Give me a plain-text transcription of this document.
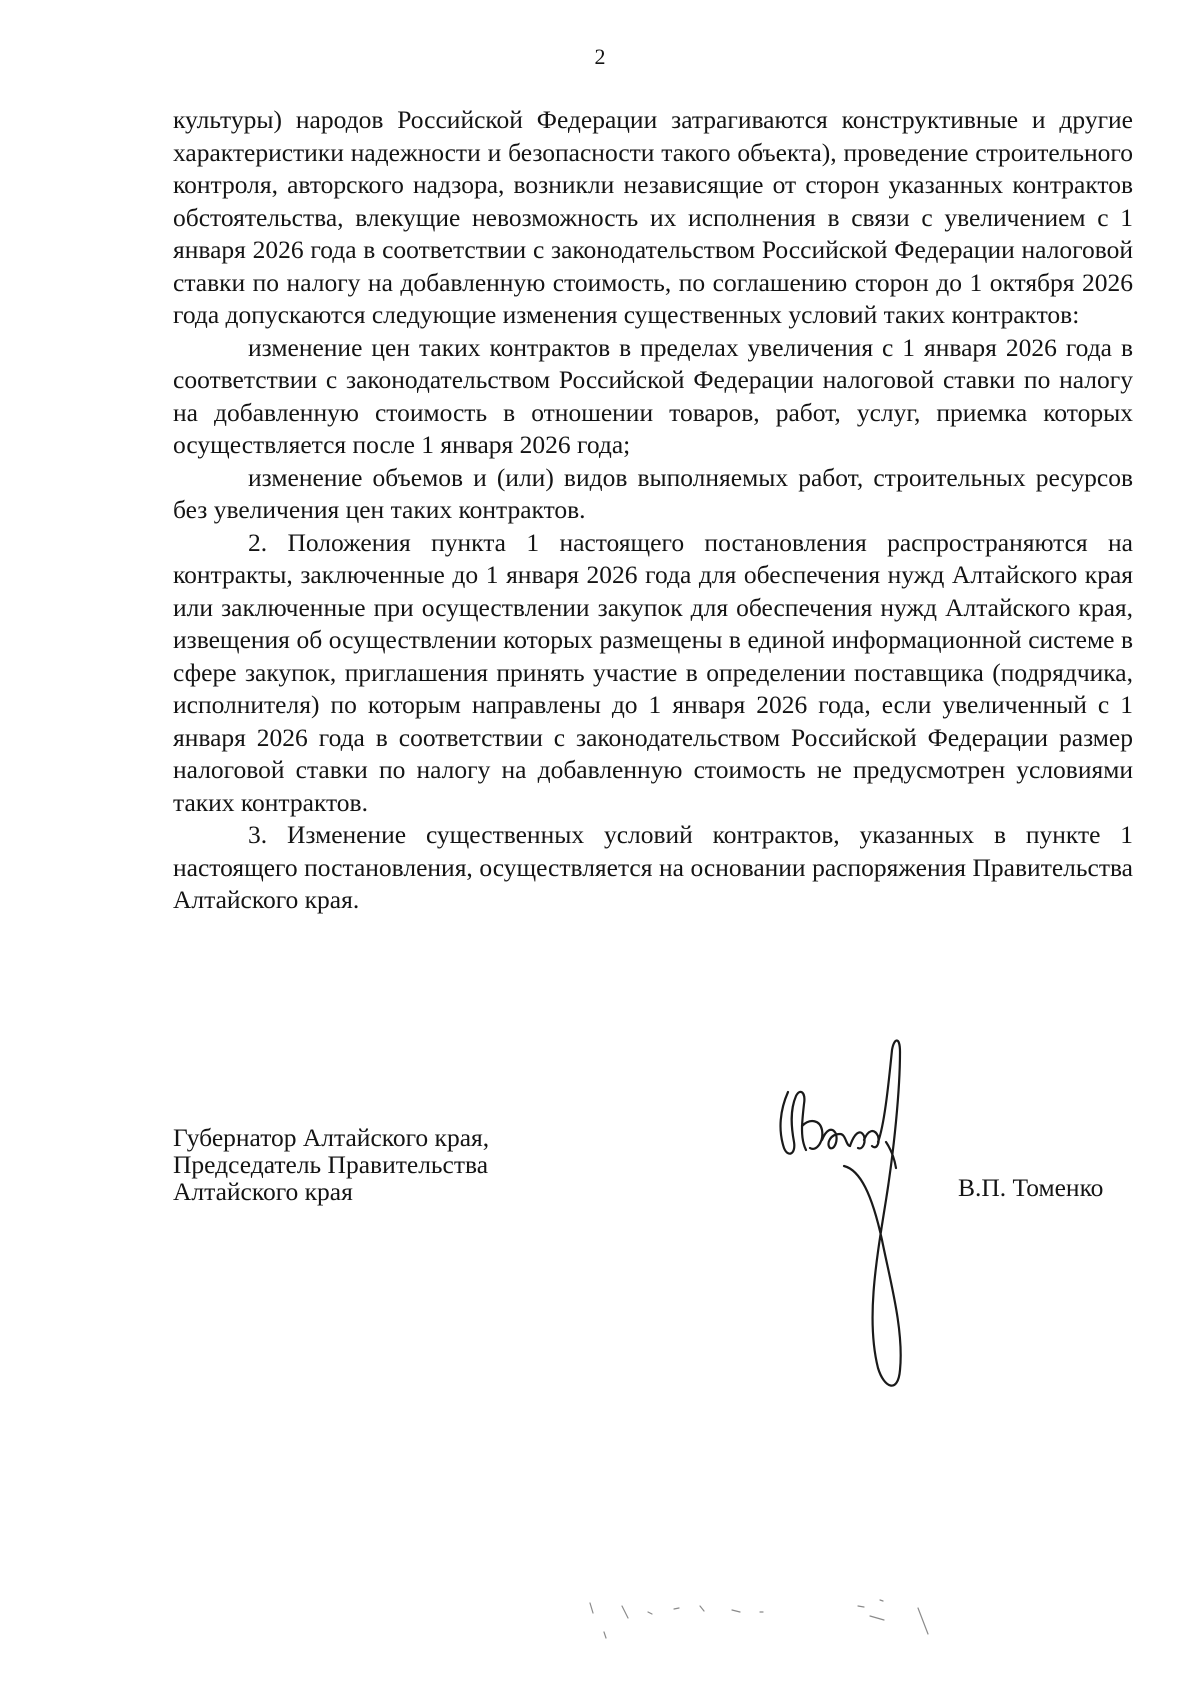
2

культуры) народов Российской Федерации затрагиваются конструктивные и другие характеристики надежности и безопасности такого объекта), проведение строительного контроля, авторского надзора, возникли независящие от сторон указанных контрактов обстоятельства, влекущие невозможность их исполнения в связи с увеличением с 1 января 2026 года в соответствии с законодательством Российской Федерации налоговой ставки по налогу на добавленную стоимость, по соглашению сторон до 1 октября 2026 года допускаются следующие изменения существенных условий таких контрактов:

изменение цен таких контрактов в пределах увеличения с 1 января 2026 года в соответствии с законодательством Российской Федерации налоговой ставки по налогу на добавленную стоимость в отношении товаров, работ, услуг, приемка которых осуществляется после 1 января 2026 года;

изменение объемов и (или) видов выполняемых работ, строительных ресурсов без увеличения цен таких контрактов.

2. Положения пункта 1 настоящего постановления распространяются на контракты, заключенные до 1 января 2026 года для обеспечения нужд Алтайского края или заключенные при осуществлении закупок для обеспечения нужд Алтайского края, извещения об осуществлении которых размещены в единой информационной системе в сфере закупок, приглашения принять участие в определении поставщика (подрядчика, исполнителя) по которым направлены до 1 января 2026 года, если увеличенный с 1 января 2026 года в соответствии с законодательством Российской Федерации размер налоговой ставки по налогу на добавленную стоимость не предусмотрен условиями таких контрактов.

3. Изменение существенных условий контрактов, указанных в пункте 1 настоящего постановления, осуществляется на основании распоряжения Правительства Алтайского края.

Губернатор Алтайского края,
Председатель Правительства
Алтайского края	В.П. Томенко
